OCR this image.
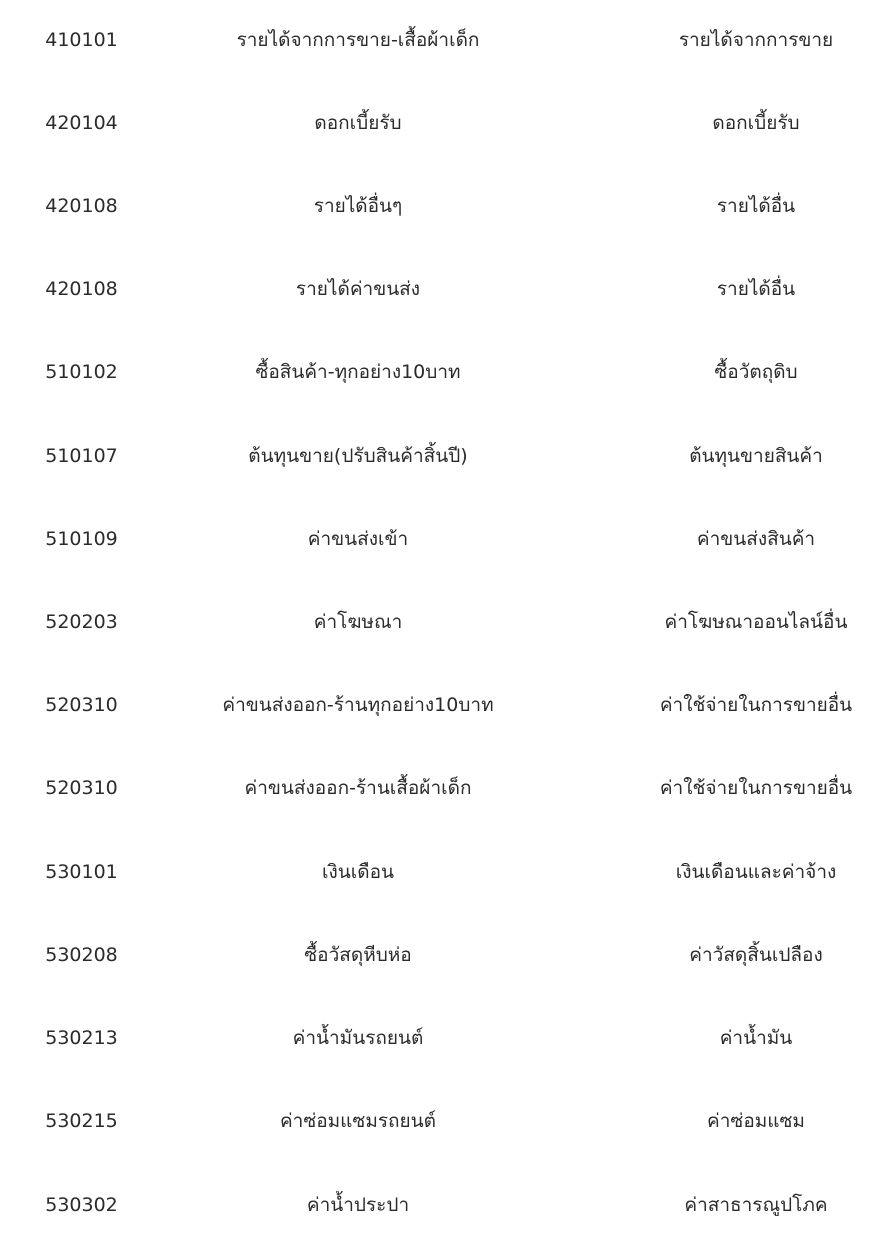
410101	รายได้จากการขาย-เสื้อผ้าเด็ก	รายได้จากการขาย
420104	ดอกเบี้ยรับ	ดอกเบี้ยรับ
420108	รายได้อื่นๆ	รายได้อื่น
420108	รายได้ค่าขนส่ง	รายได้อื่น
510102	ซื้อสินค้า-ทุกอย่าง10บาท	ซื้อวัตถุดิบ
510107	ต้นทุนขาย(ปรับสินค้าสิ้นปี)	ต้นทุนขายสินค้า
510109	ค่าขนส่งเข้า	ค่าขนส่งสินค้า
520203	ค่าโฆษณา	ค่าโฆษณาออนไลน์อื่น
520310	ค่าขนส่งออก-ร้านทุกอย่าง10บาท	ค่าใช้จ่ายในการขายอื่น
520310	ค่าขนส่งออก-ร้านเสื้อผ้าเด็ก	ค่าใช้จ่ายในการขายอื่น
530101	เงินเดือน	เงินเดือนและค่าจ้าง
530208	ซื้อวัสดุหีบห่อ	ค่าวัสดุสิ้นเปลือง
530213	ค่าน้ำมันรถยนต์	ค่าน้ำมัน
530215	ค่าซ่อมแซมรถยนต์	ค่าซ่อมแซม
530302	ค่าน้ำประปา	ค่าสาธารณูปโภค
